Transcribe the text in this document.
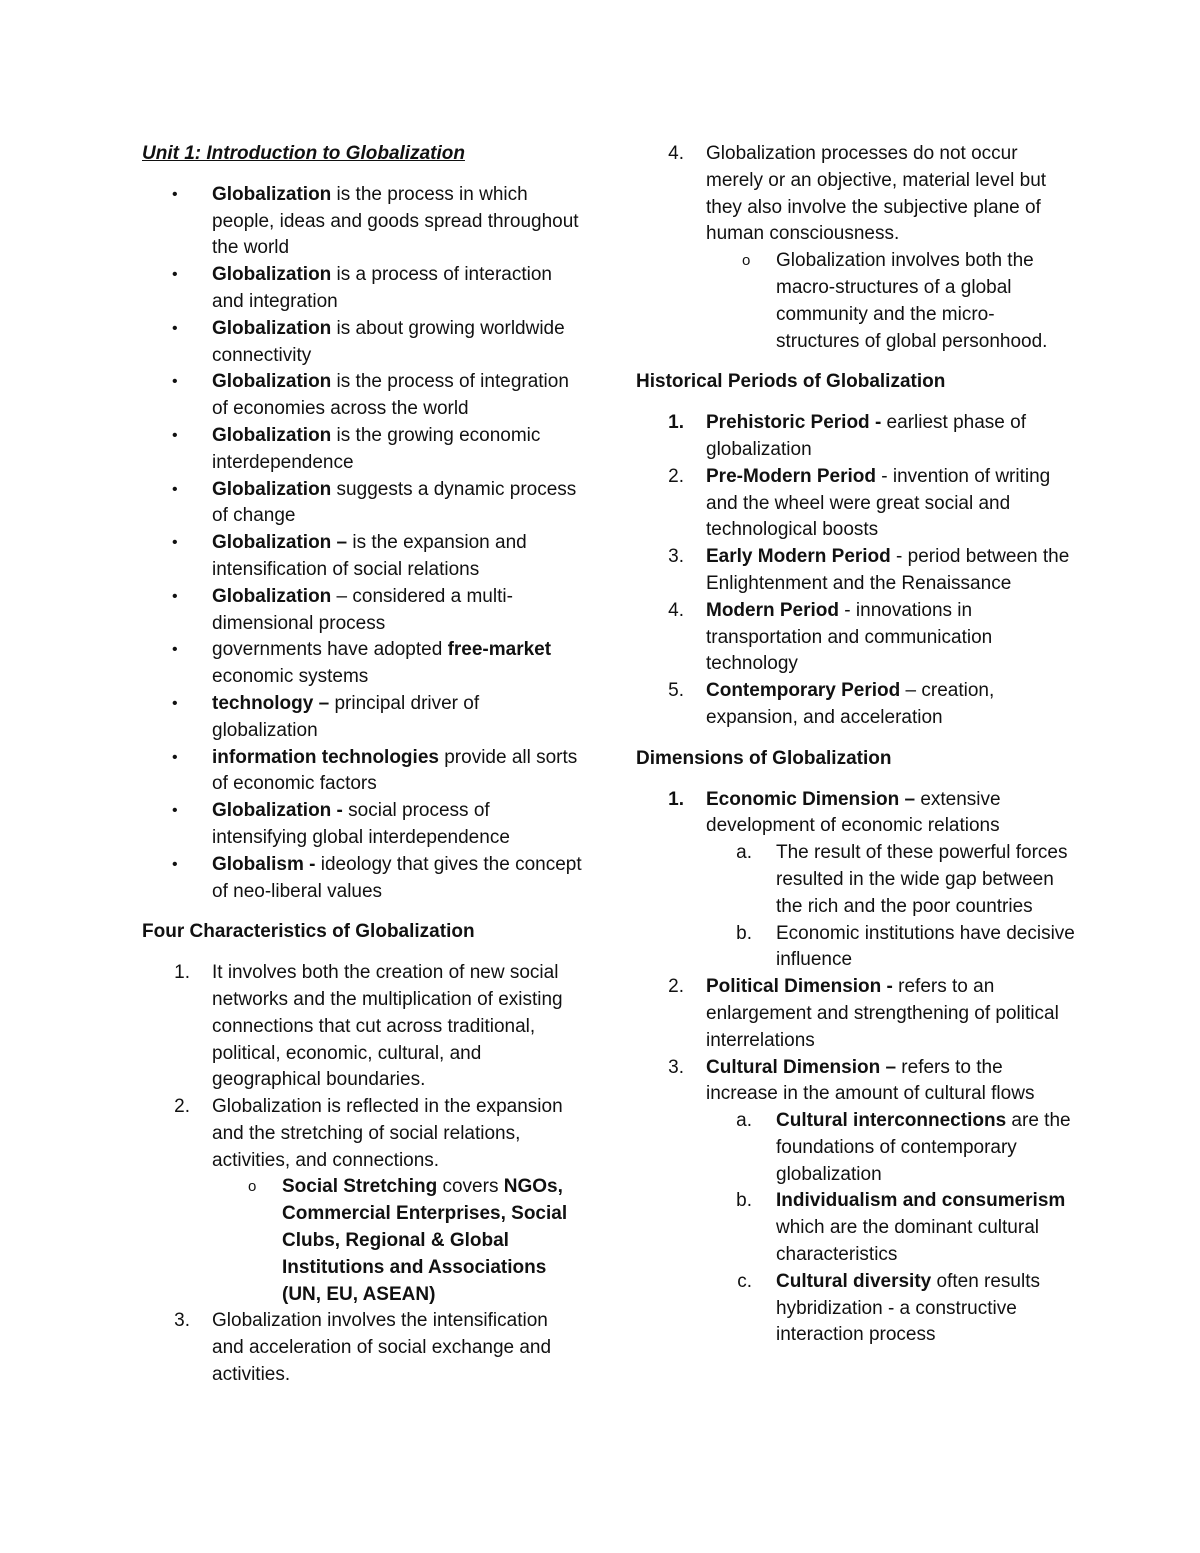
Unit 1: Introduction to Globalization

• Globalization is the process in which people, ideas and goods spread throughout the world

• Globalization is a process of interaction and integration

• Globalization is about growing worldwide connectivity

• Globalization is the process of integration of economies across the world

• Globalization is the growing economic interdependence

• Globalization suggests a dynamic process of change

• Globalization – is the expansion and intensification of social relations

• Globalization – considered a multi-dimensional process

• governments have adopted free-market economic systems

• technology – principal driver of globalization

• information technologies provide all sorts of economic factors

• Globalization - social process of intensifying global interdependence

• Globalism - ideology that gives the concept of neo-liberal values

Four Characteristics of Globalization

1. It involves both the creation of new social networks and the multiplication of existing connections that cut across traditional, political, economic, cultural, and geographical boundaries.

2. Globalization is reflected in the expansion and the stretching of social relations, activities, and connections.

o Social Stretching covers NGOs, Commercial Enterprises, Social Clubs, Regional & Global Institutions and Associations (UN, EU, ASEAN)

3. Globalization involves the intensification and acceleration of social exchange and activities.

4. Globalization processes do not occur merely or an objective, material level but they also involve the subjective plane of human consciousness.

o Globalization involves both the macro-structures of a global community and the micro-structures of global personhood.

Historical Periods of Globalization

1. Prehistoric Period - earliest phase of globalization

2. Pre-Modern Period - invention of writing and the wheel were great social and technological boosts

3. Early Modern Period - period between the Enlightenment and the Renaissance

4. Modern Period - innovations in transportation and communication technology

5. Contemporary Period – creation, expansion, and acceleration

Dimensions of Globalization

1. Economic Dimension – extensive development of economic relations

a. The result of these powerful forces resulted in the wide gap between the rich and the poor countries

b. Economic institutions have decisive influence

2. Political Dimension - refers to an enlargement and strengthening of political interrelations

3. Cultural Dimension – refers to the increase in the amount of cultural flows

a. Cultural interconnections are the foundations of contemporary globalization

b. Individualism and consumerism which are the dominant cultural characteristics

c. Cultural diversity often results hybridization - a constructive interaction process
